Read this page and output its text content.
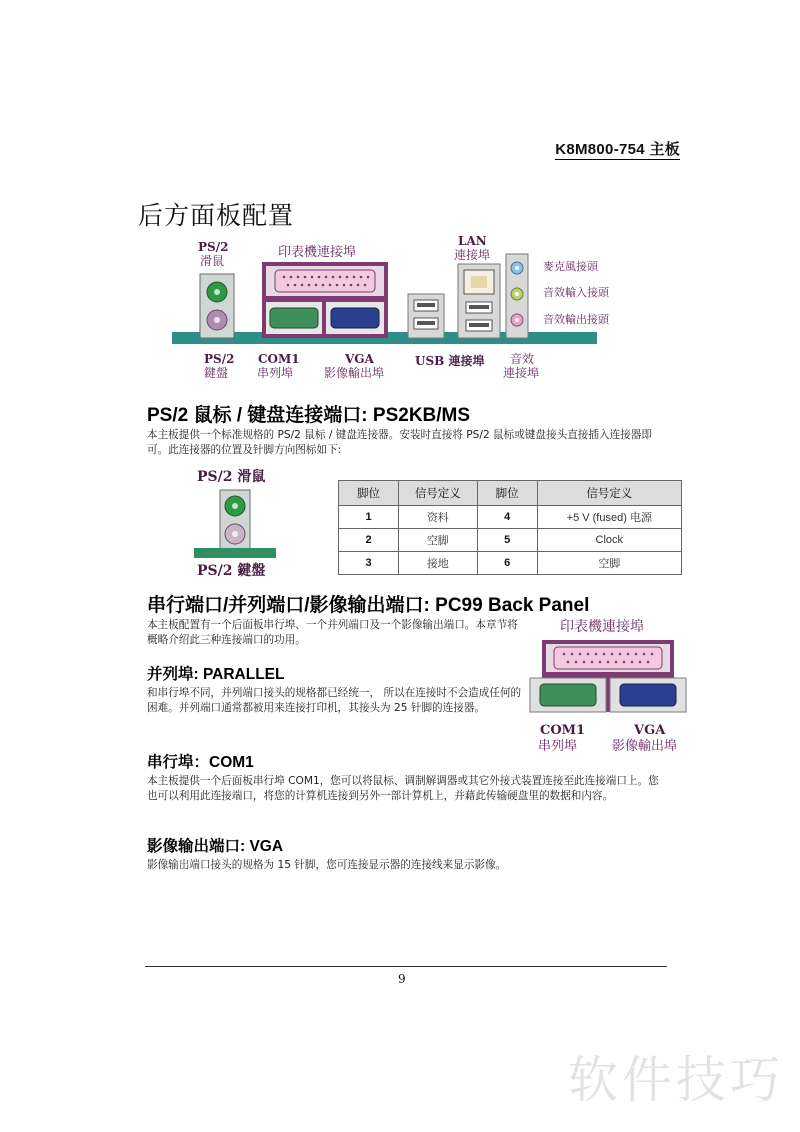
K8M800-754 主板
后方面板配置
PS/2
滑鼠
印表機連接埠
LAN
連接埠
麥克風接頭
音效輸入接頭
音效輸出接頭
PS/2
鍵盤
COM1
串列埠
VGA
影像輸出埠
USB 連接埠 音效
連接埠
PS/2 鼠标 / 键盘连接端口: PS2KB/MS

本主板提供一个标准规格的 PS/2 鼠标 / 键盘连接器。安装时直接将 PS/2 鼠标或键盘接头直接插入连接器即可。此连接器的位置及针脚方向图标如下:

PS/2 滑鼠
PS/2 鍵盤
脚位	信号定义	脚位	信号定义
1	资料	4	+5 V (fused) 电源
2	空脚	5	Clock
3	接地	6	空脚
串行端口/并列端口/影像输出端口: PC99 Back Panel

本主板配置有一个后面板串行埠、一个并列端口及一个影像输出端口。本章节将概略介绍此三种连接端口的功用。

印表機連接埠
COM1
串列埠
VGA
影像輸出埠
并列埠: PARALLEL

和串行埠不同，并列端口接头的规格都已经统一， 所以在连接时不会造成任何的困难。并列端口通常都被用来连接打印机，其接头为 25 针脚的连接器。

串行埠：COM1

本主板提供一个后面板串行埠 COM1，您可以将鼠标、调制解调器或其它外接式装置连接至此连接端口上。您也可以利用此连接端口，将您的计算机连接到另外一部计算机上，并藉此传输硬盘里的数据和内容。

影像输出端口: VGA

影像输出端口接头的规格为 15 针脚，您可连接显示器的连接线来显示影像。

9
软件技巧
